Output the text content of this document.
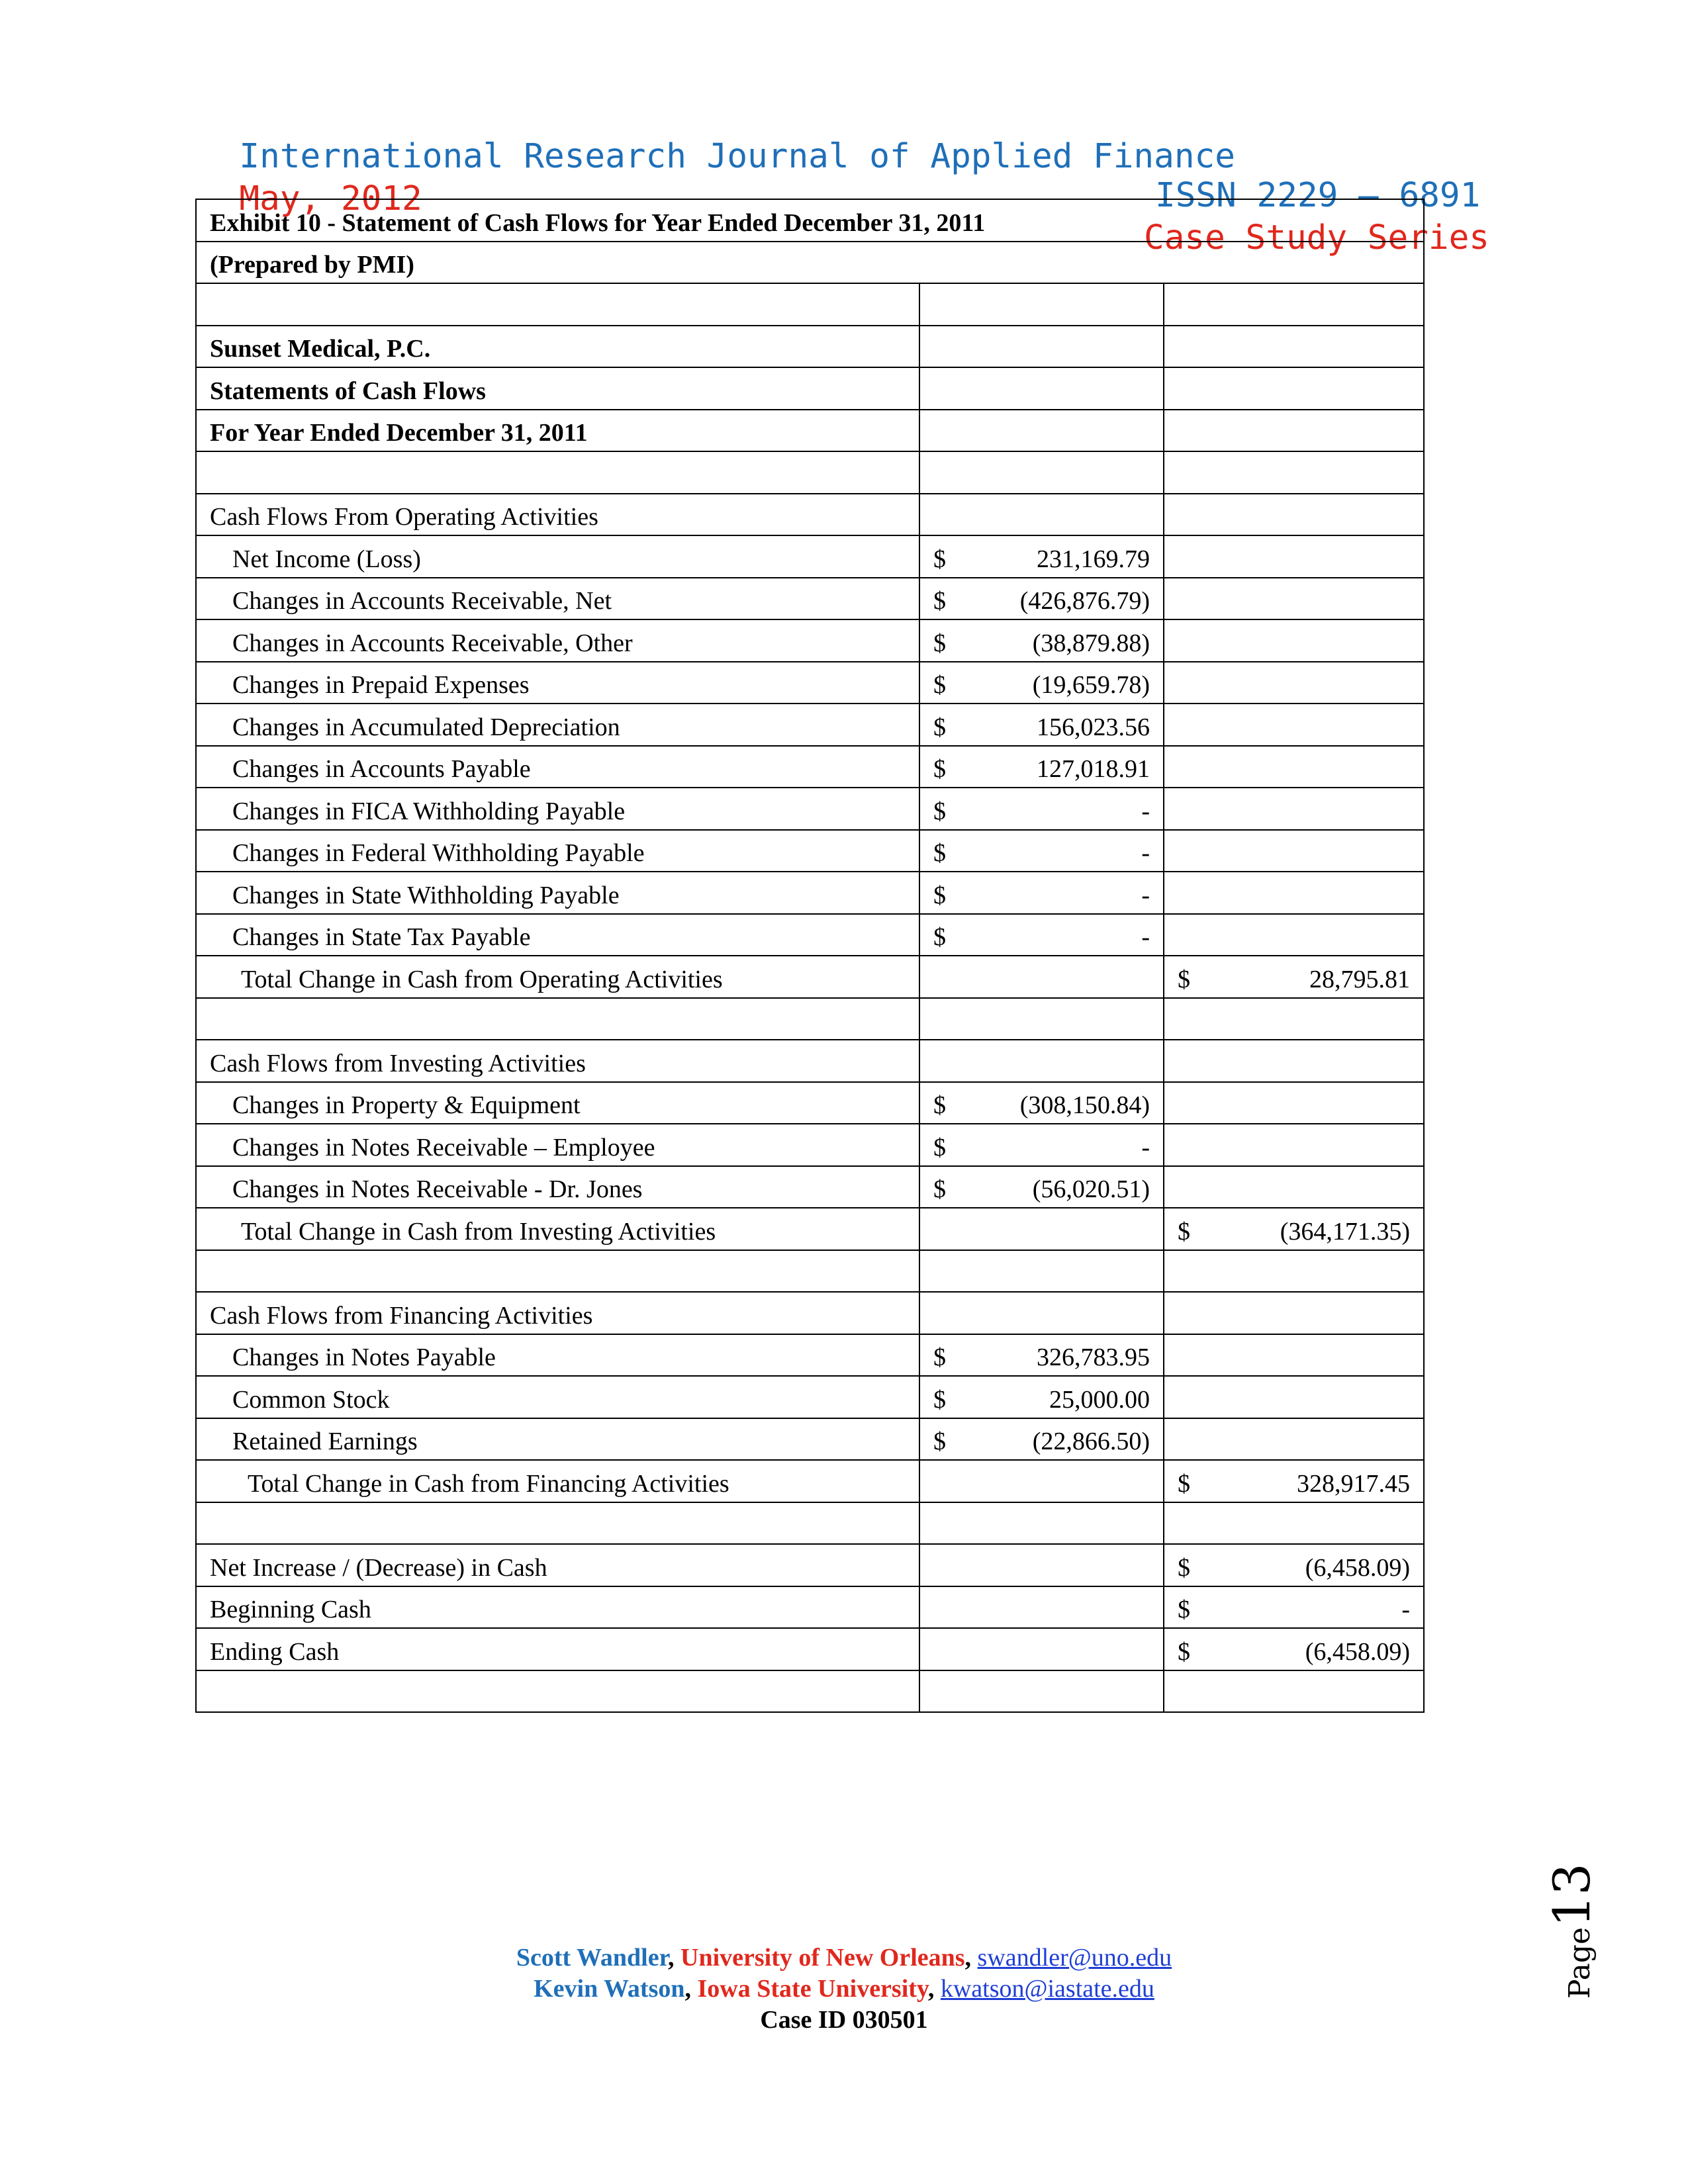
International Research Journal of Applied Finance

ISSN 2229 – 6891

May, 2012

Case Study Series

Exhibit 10 - Statement of Cash Flows for Year Ended December 31, 2011		
(Prepared by PMI)		

Sunset Medical, P.C.		
Statements of Cash Flows		
For Year Ended December 31, 2011		

Cash Flows From Operating Activities		
Net Income (Loss)	$ 231,169.79	

Changes in Accounts Receivable, Net	$ (426,876.79)	

Changes in Accounts Receivable, Other	$ (38,879.88)	

Changes in Prepaid Expenses	$ (19,659.78)	

Changes in Accumulated Depreciation	$ 156,023.56	

Changes in Accounts Payable	$ 127,018.91	

Changes in FICA Withholding Payable	$ -	

Changes in Federal Withholding Payable	$ -	

Changes in State Withholding Payable	$ -	

Changes in State Tax Payable	$ -	

Total Change in Cash from Operating Activities		$ 28,795.81

Cash Flows from Investing Activities		
Changes in Property & Equipment	$ (308,150.84)	

Changes in Notes Receivable – Employee	$ -	

Changes in Notes Receivable - Dr. Jones	$ (56,020.51)	

Total Change in Cash from Investing Activities		$ (364,171.35)

Cash Flows from Financing Activities		
Changes in Notes Payable	$ 326,783.95	

Common Stock	$ 25,000.00	

Retained Earnings	$ (22,866.50)	

Total Change in Cash from Financing Activities		$ 328,917.45

Net Increase / (Decrease) in Cash		$ (6,458.09)

Beginning Cash		$ -

Ending Cash		$ (6,458.09)

Page13
Scott Wandler, University of New Orleans, swandler@uno.edu
Kevin Watson, Iowa State University, kwatson@iastate.edu
Case ID 030501
